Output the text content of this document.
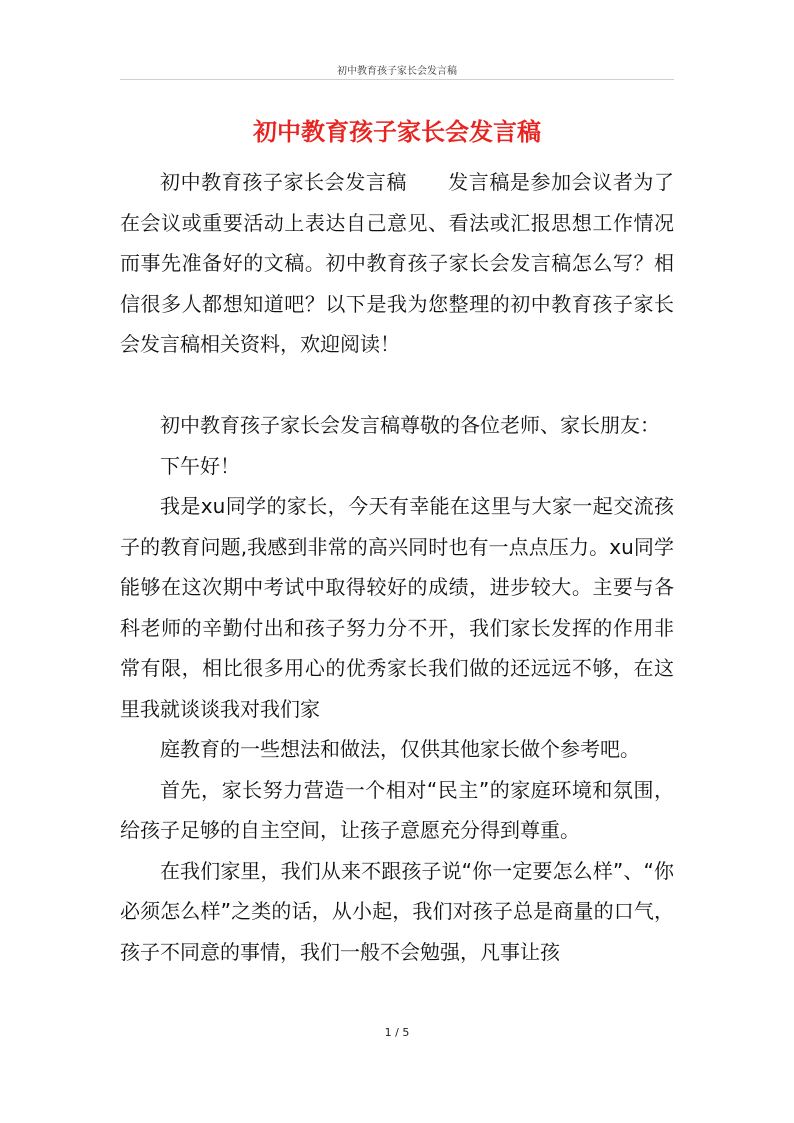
初中教育孩子家长会发言稿
初中教育孩子家长会发言稿

初中教育孩子家长会发言稿　　发言稿是参加会议者为了在会议或重要活动上表达自己意见、看法或汇报思想工作情况而事先准备好的文稿。初中教育孩子家长会发言稿怎么写？相信很多人都想知道吧？以下是我为您整理的初中教育孩子家长会发言稿相关资料，欢迎阅读！

初中教育孩子家长会发言稿尊敬的各位老师、家长朋友：

下午好！

我是xu同学的家长，今天有幸能在这里与大家一起交流孩子的教育问题,我感到非常的高兴同时也有一点点压力。xu同学能够在这次期中考试中取得较好的成绩，进步较大。主要与各科老师的辛勤付出和孩子努力分不开，我们家长发挥的作用非常有限，相比很多用心的优秀家长我们做的还远远不够，在这里我就谈谈我对我们家

庭教育的一些想法和做法，仅供其他家长做个参考吧。

首先，家长努力营造一个相对“民主”的家庭环境和氛围，给孩子足够的自主空间，让孩子意愿充分得到尊重。

在我们家里，我们从来不跟孩子说“你一定要怎么样”、“你必须怎么样”之类的话，从小起，我们对孩子总是商量的口气，孩子不同意的事情，我们一般不会勉强，凡事让孩

1 / 5
